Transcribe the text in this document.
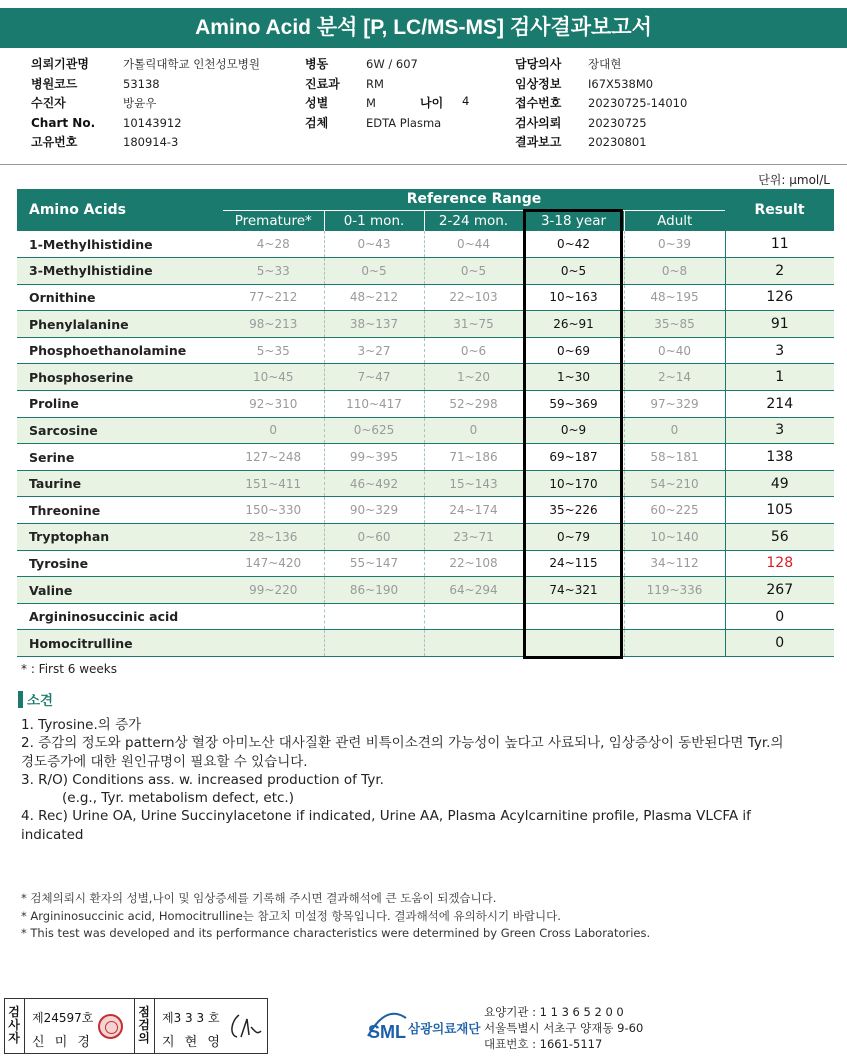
Amino Acid 분석 [P, LC/MS-MS] 검사결과보고서
의뢰기관명	가톨릭대학교 인천성모병원
병원코드	53138
수진자	방윤우
Chart No. 10143912
고유번호	180914-3
병동	6W / 607
진료과 RM
성별	M
검체	EDTA Plasma
나이 4
담당의사 장대현
임상정보 I67X538M0
접수번호 20230725-14010
검사의뢰 20230725
결과보고 20230801
단위: μmol/L
Amino Acids	Reference Range					Result
	Premature*	0-1 mon.	2-24 mon.	3-18 year	Adult	
1-Methylhistidine	4~28	0~43	0~44	0~42	0~39	11
3-Methylhistidine	5~33	0~5	0~5	0~5	0~8	2
Ornithine	77~212	48~212	22~103	10~163	48~195	126
Phenylalanine	98~213	38~137	31~75	26~91	35~85	91
Phosphoethanolamine	5~35	3~27	0~6	0~69	0~40	3
Phosphoserine	10~45	7~47	1~20	1~30	2~14	1
Proline	92~310	110~417	52~298	59~369	97~329	214
Sarcosine	0	0~625	0	0~9	0	3
Serine	127~248	99~395	71~186	69~187	58~181	138
Taurine	151~411	46~492	15~143	10~170	54~210	49
Threonine	150~330	90~329	24~174	35~226	60~225	105
Tryptophan	28~136	0~60	23~71	0~79	10~140	56
Tyrosine	147~420	55~147	22~108	24~115	34~112	128
Valine	99~220	86~190	64~294	74~321	119~336	267
Argininosuccinic acid						0
Homocitrulline						0
* : First 6 weeks
소견
1. Tyrosine.의 증가
2. 증감의 정도와 pattern상 혈장 아미노산 대사질환 관련 비특이소견의 가능성이 높다고 사료되나, 임상증상이 동반된다면 Tyr.의 경도증가에 대한 원인규명이 필요할 수 있습니다.
3. R/O) Conditions ass. w. increased production of Tyr.
(e.g., Tyr. metabolism defect, etc.)
4. Rec) Urine OA, Urine Succinylacetone if indicated, Urine AA, Plasma Acylcarnitine profile, Plasma VLCFA if indicated
* 검체의뢰시 환자의 성별,나이 및 임상증세를 기록해 주시면 결과해석에 큰 도움이 되겠습니다.
* Argininosuccinic acid, Homocitrulline는 참고치 미설정 항목입니다. 결과해석에 유의하시기 바랍니다.
* This test was developed and its performance characteristics were determined by Green Cross Laboratories.
검
사
자
제24597호
신 미 경
점
검
의
제3 3 3 호
지 현 영
SML 삼광의료재단
요양기관 : 1 1 3 6 5 2 0 0
서울특별시 서초구 양재동 9-60
대표번호 : 1661-5117
